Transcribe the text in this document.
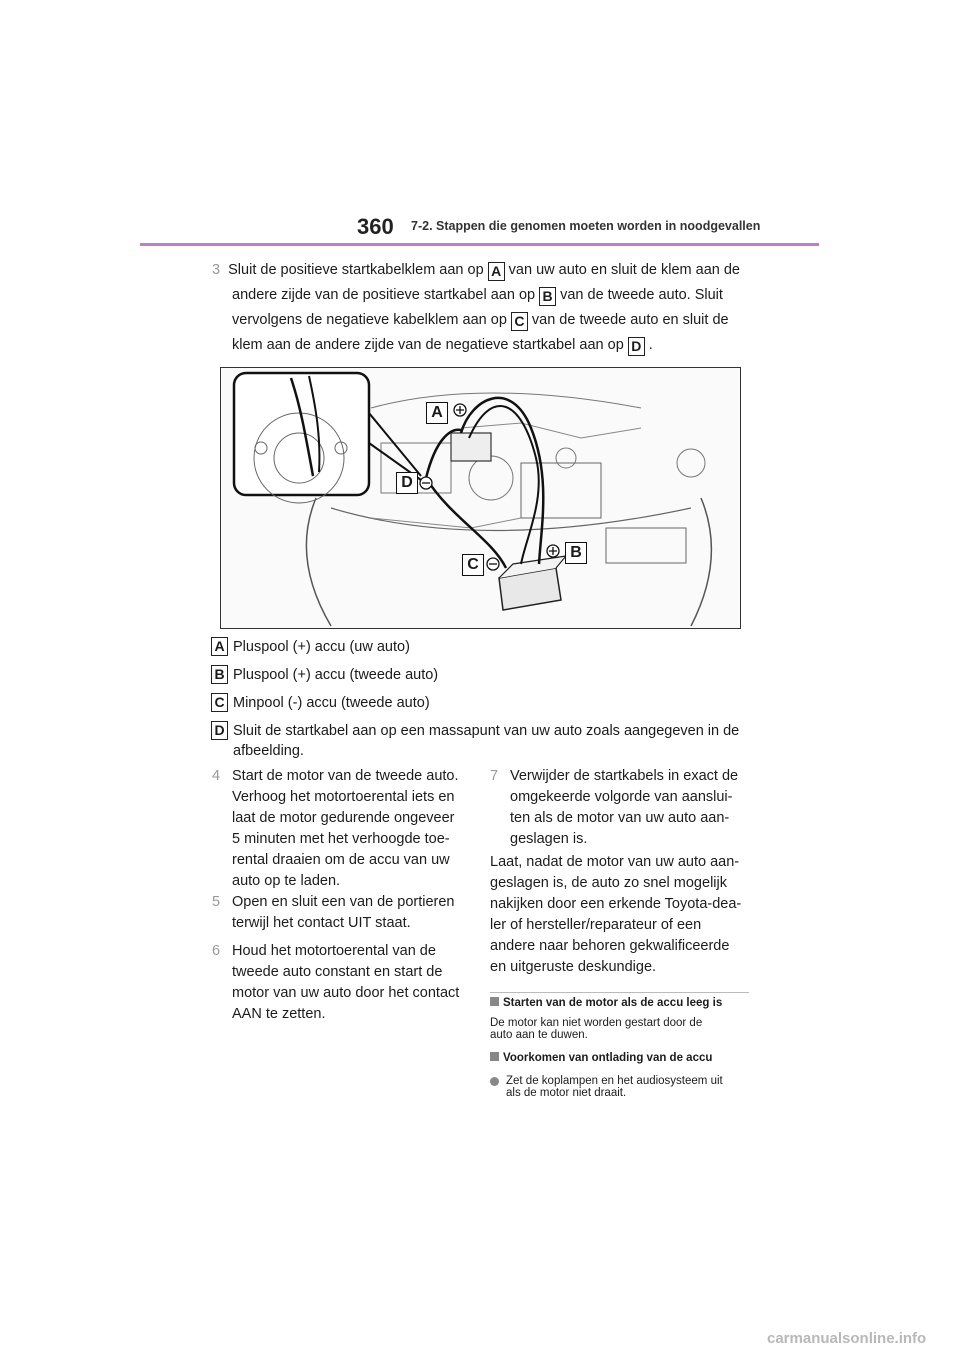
360 7-2. Stappen die genomen moeten worden in noodgevallen
3 Sluit de positieve startkabelklem aan op A van uw auto en sluit de klem aan de
andere zijde van de positieve startkabel aan op B van de tweede auto. Sluit
vervolgens de negatieve kabelklem aan op C van de tweede auto en sluit de
klem aan de andere zijde van de negatieve startkabel aan op D .
A
B
C
D
A Pluspool (+) accu (uw auto)
B Pluspool (+) accu (tweede auto)
C Minpool (-) accu (tweede auto)
D Sluit de startkabel aan op een massapunt van uw auto zoals aangegeven in de
afbeelding.
4 Start de motor van de tweede auto.
Verhoog het motortoerental iets en
laat de motor gedurende ongeveer
5 minuten met het verhoogde toe-
rental draaien om de accu van uw
auto op te laden.
5 Open en sluit een van de portieren
terwijl het contact UIT staat.
6 Houd het motortoerental van de
tweede auto constant en start de
motor van uw auto door het contact
AAN te zetten.
7 Verwijder de startkabels in exact de
omgekeerde volgorde van aanslui-
ten als de motor van uw auto aan-
geslagen is.
Laat, nadat de motor van uw auto aan-
geslagen is, de auto zo snel mogelijk
nakijken door een erkende Toyota-dea-
ler of hersteller/reparateur of een
andere naar behoren gekwalificeerde
en uitgeruste deskundige.
Starten van de motor als de accu leeg is
De motor kan niet worden gestart door de
auto aan te duwen.
Voorkomen van ontlading van de accu
Zet de koplampen en het audiosysteem uit
als de motor niet draait.
carmanualsonline.info
